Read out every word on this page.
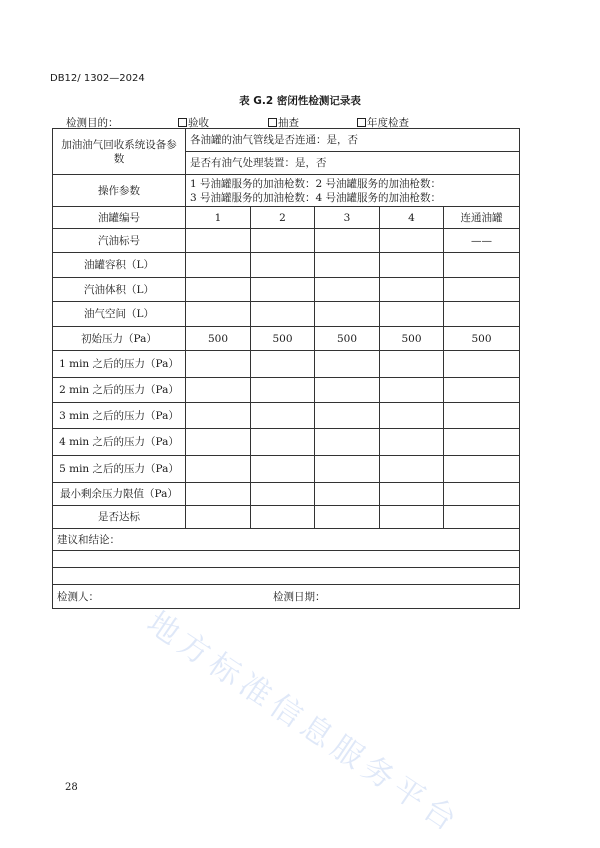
DB12/ 1302—2024
表 G.2 密闭性检测记录表
检测目的：	验收	抽查	年度检查
加油油气回收系统设备参数	各油罐的油气管线是否连通：是，否				
	是否有油气处理装置：是，否				
操作参数	1 号油罐服务的加油枪数：2 号油罐服务的加油枪数：
3 号油罐服务的加油枪数：4 号油罐服务的加油枪数：				

油罐编号	1	2	3	4	连通油罐
汽油标号					——
油罐容积（L）					
汽油体积（L）					
油气空间（L）					
初始压力（Pa）	500	500	500	500	500
1 min 之后的压力（Pa）					
2 min 之后的压力（Pa）					
3 min 之后的压力（Pa）					
4 min 之后的压力（Pa）					
5 min 之后的压力（Pa）					
最小剩余压力限值（Pa）					
是否达标					
建议和结论：					

检测人： 检测日期：					
地方标准信息服务平台
28
